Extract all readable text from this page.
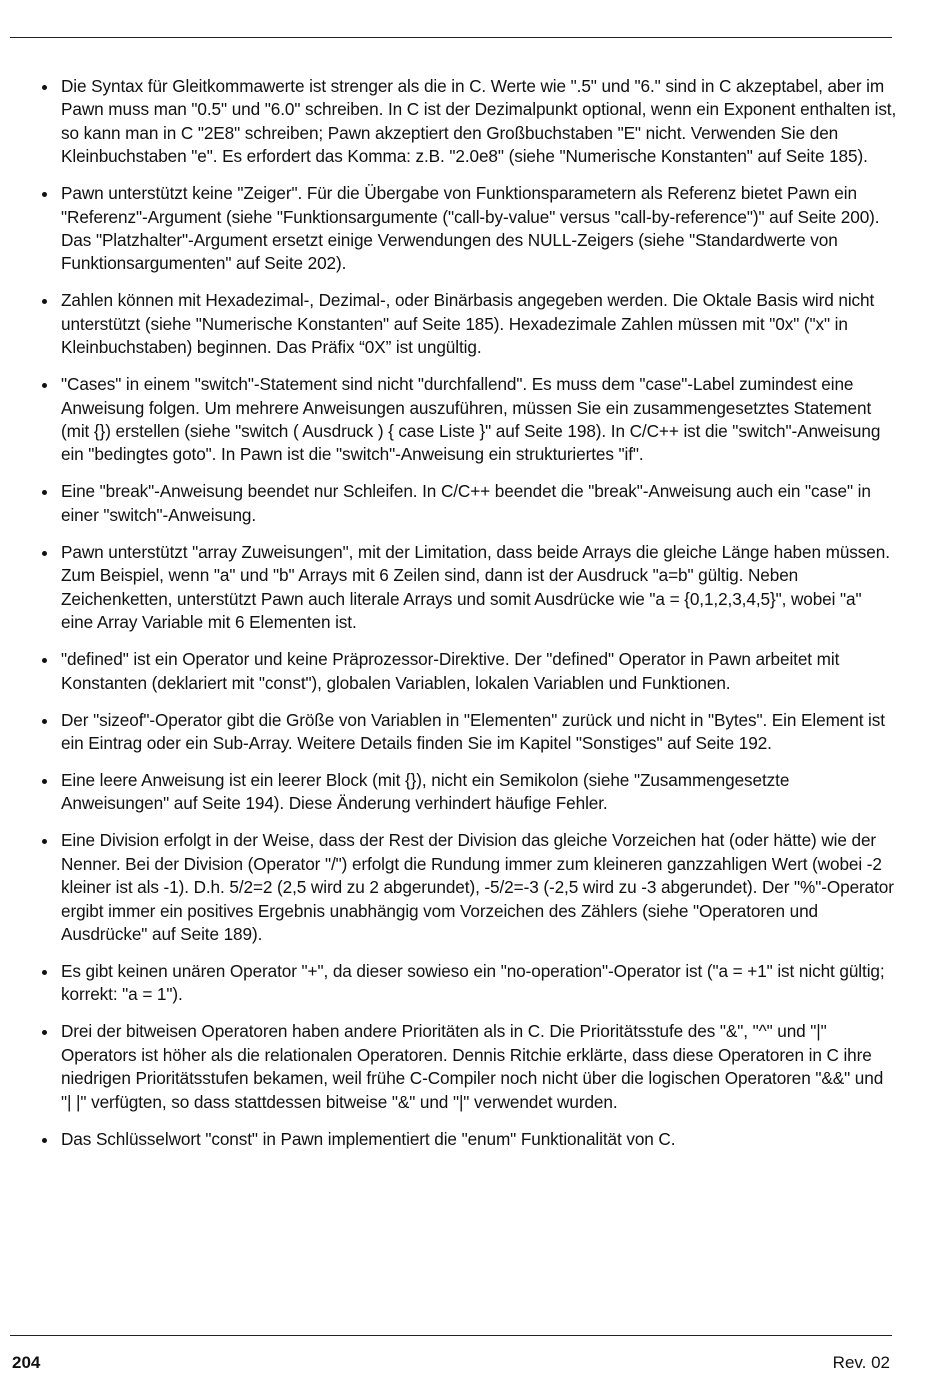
Die Syntax für Gleitkommawerte ist strenger als die in C. Werte wie ".5" und "6." sind in C akzeptabel, aber im Pawn muss man "0.5" und "6.0" schreiben. In C ist der Dezimalpunkt optional, wenn ein Exponent enthalten ist, so kann man in C "2E8" schreiben; Pawn akzeptiert den Großbuchstaben "E" nicht. Verwenden Sie den Kleinbuchstaben "e". Es erfordert das Komma: z.B. "2.0e8" (siehe "Numerische Konstanten" auf Seite 185).
Pawn unterstützt keine "Zeiger". Für die Übergabe von Funktionsparametern als Referenz bietet Pawn ein "Referenz"-Argument (siehe "Funktionsargumente ("call-by-value" versus "call-by-reference")" auf Seite 200). Das "Platzhalter"-Argument ersetzt einige Verwendungen des NULL-Zeigers (siehe "Standardwerte von Funktionsargumenten" auf Seite 202).
Zahlen können mit Hexadezimal-, Dezimal-, oder Binärbasis angegeben werden. Die Oktale Basis wird nicht unterstützt (siehe "Numerische Konstanten" auf Seite 185). Hexadezimale Zahlen müssen mit "0x" ("x" in Kleinbuchstaben) beginnen. Das Präfix “0X” ist ungültig.
"Cases" in einem "switch"-Statement sind nicht "durchfallend". Es muss dem "case"-Label zumindest eine Anweisung folgen. Um mehrere Anweisungen auszuführen, müssen Sie ein zusammengesetztes Statement (mit {}) erstellen (siehe "switch ( Ausdruck ) { case Liste }" auf Seite 198). In C/C++ ist die "switch"-Anweisung ein "bedingtes goto". In Pawn ist die "switch"-Anweisung ein strukturiertes "if".
Eine "break"-Anweisung beendet nur Schleifen. In C/C++ beendet die "break"-Anweisung auch ein "case" in einer "switch"-Anweisung.
Pawn unterstützt "array Zuweisungen", mit der Limitation, dass beide Arrays die gleiche Länge haben müssen. Zum Beispiel, wenn "a" und "b" Arrays mit 6 Zeilen sind, dann ist der Ausdruck "a=b" gültig. Neben Zeichenketten, unterstützt Pawn auch literale Arrays und somit Ausdrücke wie "a = {0,1,2,3,4,5}", wobei "a" eine Array Variable mit 6 Elementen ist.
"defined" ist ein Operator und keine Präprozessor-Direktive. Der "defined" Operator in Pawn arbeitet mit Konstanten (deklariert mit "const"), globalen Variablen, lokalen Variablen und Funktionen.
Der "sizeof"-Operator gibt die Größe von Variablen in "Elementen" zurück und nicht in "Bytes". Ein Element ist ein Eintrag oder ein Sub-Array. Weitere Details finden Sie im Kapitel "Sonstiges" auf Seite 192.
Eine leere Anweisung ist ein leerer Block (mit {}), nicht ein Semikolon (siehe "Zusammengesetzte Anweisungen" auf Seite 194). Diese Änderung verhindert häufige Fehler.
Eine Division erfolgt in der Weise, dass der Rest der Division das gleiche Vorzeichen hat (oder hätte) wie der Nenner. Bei der Division (Operator "/") erfolgt die Rundung immer zum kleineren ganzzahligen Wert (wobei -2 kleiner ist als -1). D.h. 5/2=2 (2,5 wird zu 2 abgerundet), -5/2=-3 (-2,5 wird zu -3 abgerundet). Der "%"-Operator ergibt immer ein positives Ergebnis unabhängig vom Vorzeichen des Zählers (siehe "Operatoren und Ausdrücke" auf Seite 189).
Es gibt keinen unären Operator "+", da dieser sowieso ein "no-operation"-Operator ist ("a = +1" ist nicht gültig; korrekt: "a = 1").
Drei der bitweisen Operatoren haben andere Prioritäten als in C. Die Prioritätsstufe des "&", "^" und "|" Operators ist höher als die relationalen Operatoren. Dennis Ritchie erklärte, dass diese Operatoren in C ihre niedrigen Prioritätsstufen bekamen, weil frühe C-Compiler noch nicht über die logischen Operatoren "&&" und "| |" verfügten, so dass stattdessen bitweise "&" und "|" verwendet wurden.
Das Schlüsselwort "const" in Pawn implementiert die "enum" Funktionalität von C.
204	Rev. 02
